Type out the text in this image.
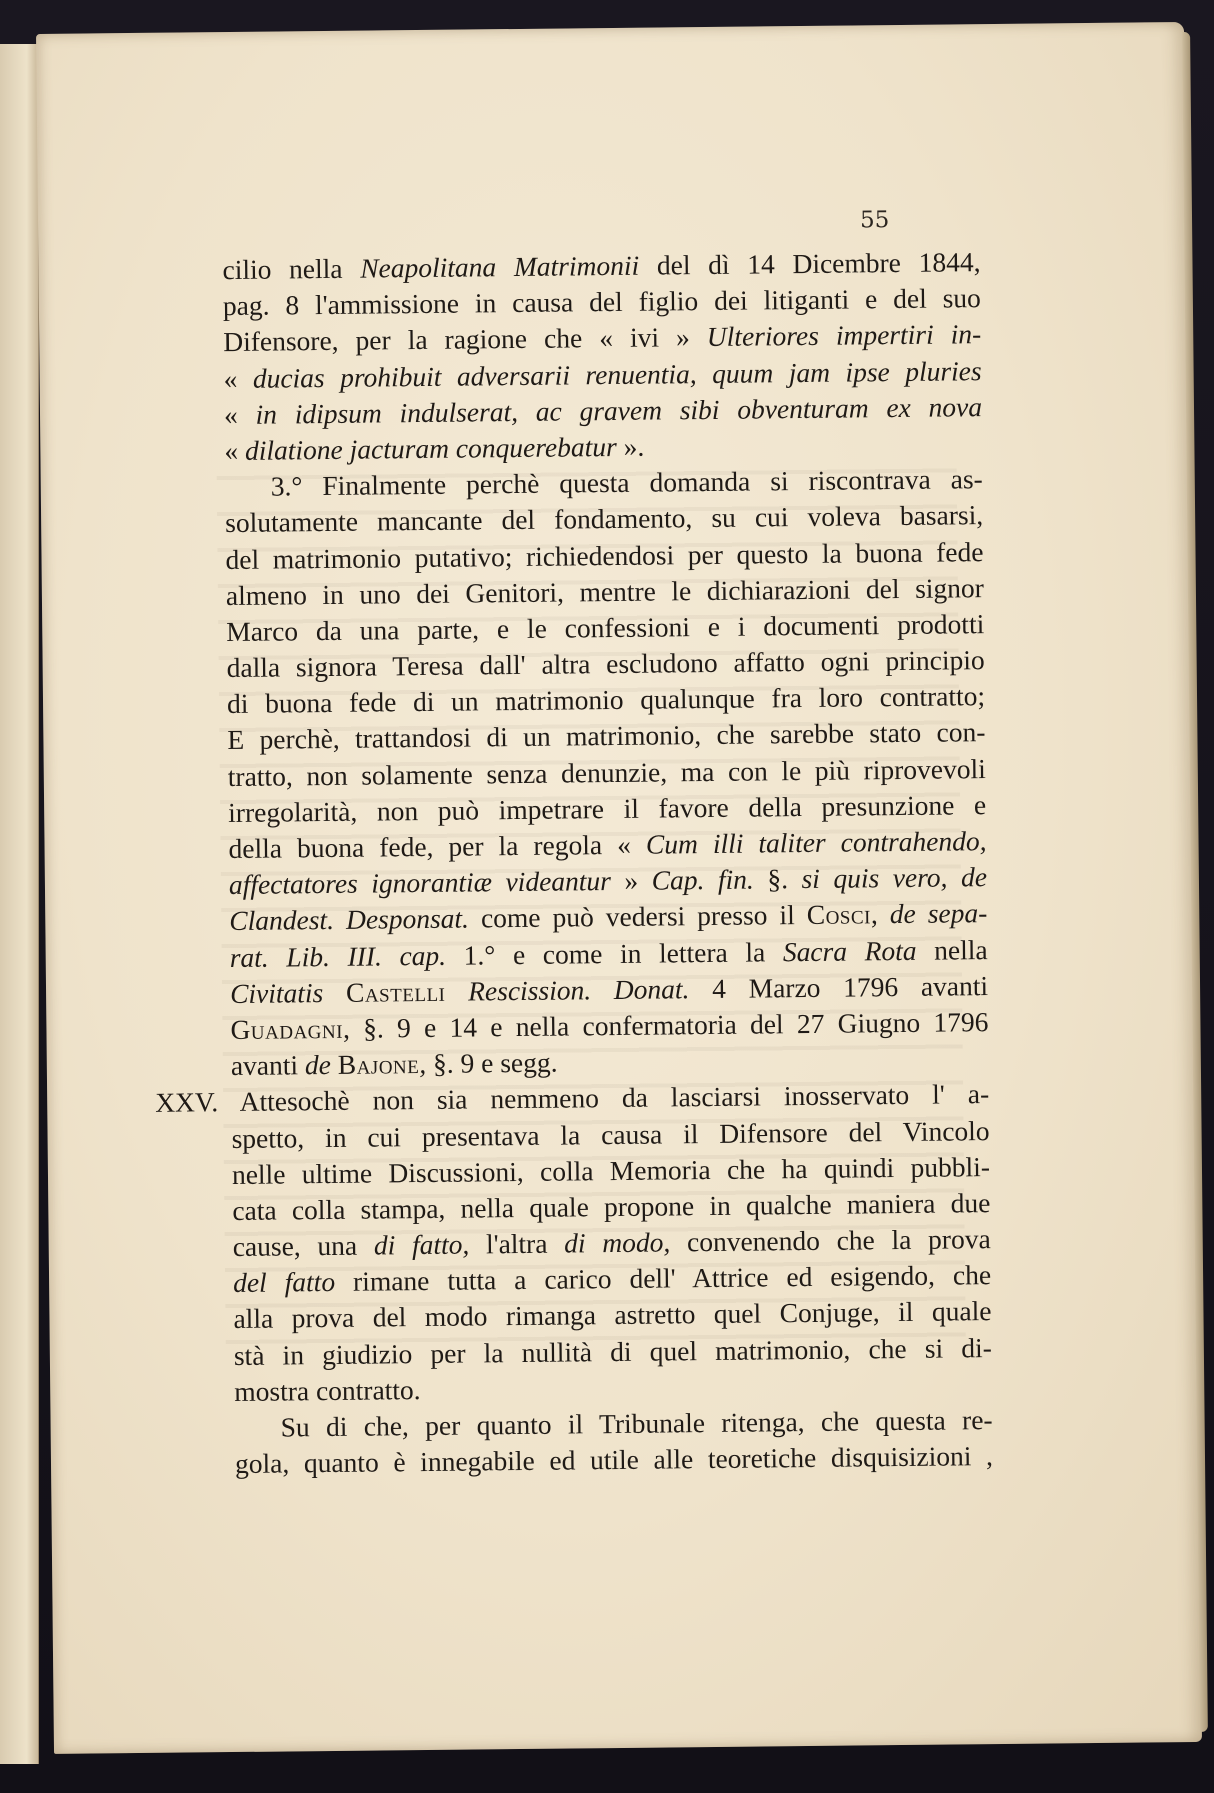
55
cilio nella Neapolitana Matrimonii del dì 14 Dicembre 1844,
pag. 8 l'ammissione in causa del figlio dei litiganti e del suo
Difensore, per la ragione che « ivi » Ulteriores impertiri in-
« ducias prohibuit adversarii renuentia, quum jam ipse pluries
« in idipsum indulserat, ac gravem sibi obventuram ex nova
« dilatione jacturam conquerebatur ».
3.° Finalmente perchè questa domanda si riscontrava as-
solutamente mancante del fondamento, su cui voleva basarsi,
del matrimonio putativo; richiedendosi per questo la buona fede
almeno in uno dei Genitori, mentre le dichiarazioni del signor
Marco da una parte, e le confessioni e i documenti prodotti
dalla signora Teresa dall' altra escludono affatto ogni principio
di buona fede di un matrimonio qualunque fra loro contratto;
E perchè, trattandosi di un matrimonio, che sarebbe stato con-
tratto, non solamente senza denunzie, ma con le più riprovevoli
irregolarità, non può impetrare il favore della presunzione e
della buona fede, per la regola « Cum illi taliter contrahendo,
affectatores ignorantiæ videantur » Cap. fin. §. si quis vero, de
Clandest. Desponsat. come può vedersi presso il Cosci, de sepa-
rat. Lib. III. cap. 1.° e come in lettera la Sacra Rota nella
Civitatis Castelli Rescission. Donat. 4 Marzo 1796 avanti
Guadagni, §. 9 e 14 e nella confermatoria del 27 Giugno 1796
avanti de Bajone, §. 9 e segg.
XXV. Attesochè non sia nemmeno da lasciarsi inosservato l' a-
spetto, in cui presentava la causa il Difensore del Vincolo
nelle ultime Discussioni, colla Memoria che ha quindi pubbli-
cata colla stampa, nella quale propone in qualche maniera due
cause, una di fatto, l'altra di modo, convenendo che la prova
del fatto rimane tutta a carico dell' Attrice ed esigendo, che
alla prova del modo rimanga astretto quel Conjuge, il quale
stà in giudizio per la nullità di quel matrimonio, che si di-
mostra contratto.
Su di che, per quanto il Tribunale ritenga, che questa re-
gola, quanto è innegabile ed utile alle teoretiche disquisizioni ,
